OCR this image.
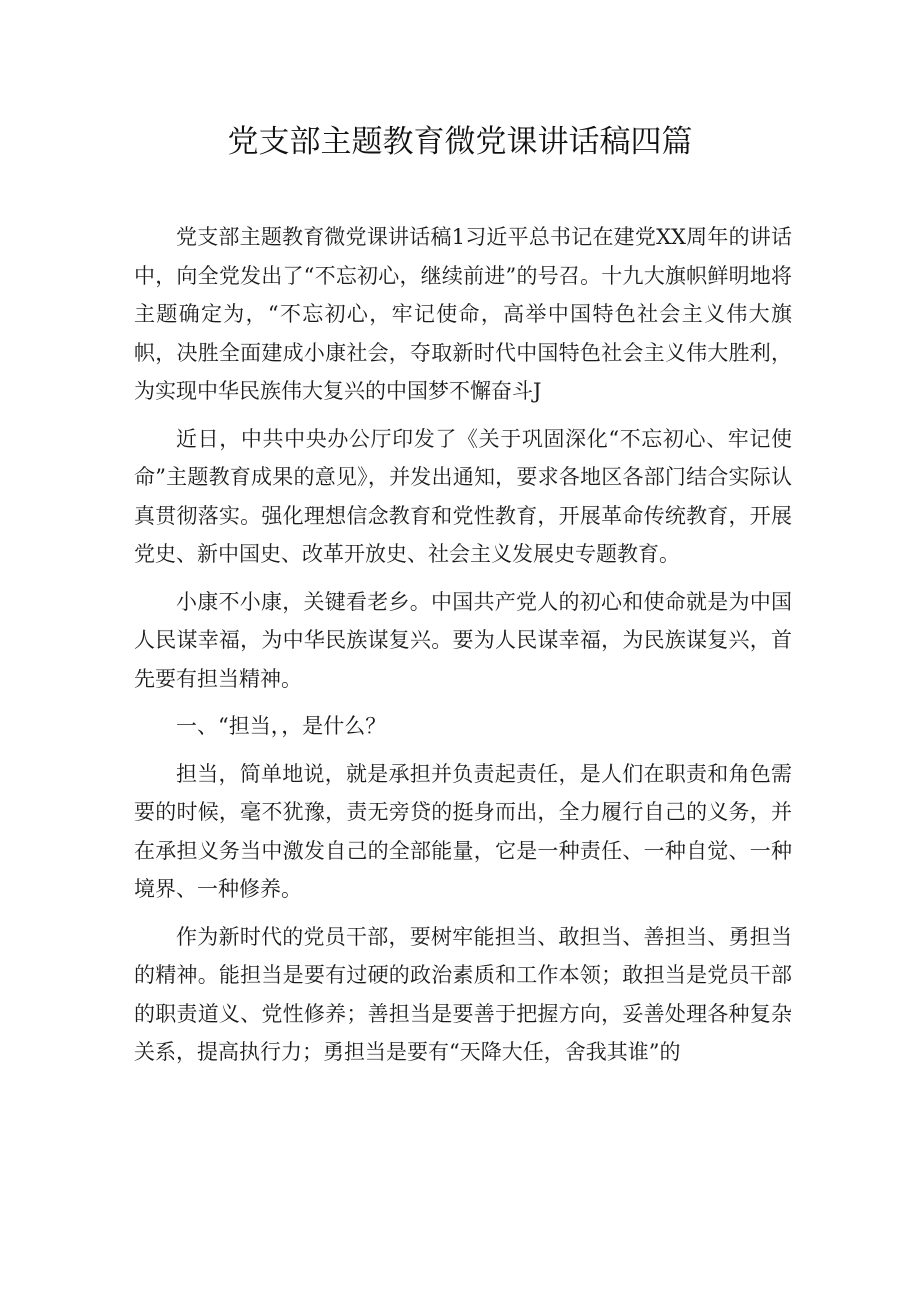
党支部主题教育微党课讲话稿四篇

党支部主题教育微党课讲话稿1习近平总书记在建党XX周年的讲话中，向全党发出了“不忘初心，继续前进”的号召。十九大旗帜鲜明地将主题确定为，“不忘初心，牢记使命，高举中国特色社会主义伟大旗帜，决胜全面建成小康社会，夺取新时代中国特色社会主义伟大胜利，为实现中华民族伟大复兴的中国梦不懈奋斗J

近日，中共中央办公厅印发了《关于巩固深化“不忘初心、牢记使命”主题教育成果的意见》，并发出通知，要求各地区各部门结合实际认真贯彻落实。强化理想信念教育和党性教育，开展革命传统教育，开展党史、新中国史、改革开放史、社会主义发展史专题教育。

小康不小康，关键看老乡。中国共产党人的初心和使命就是为中国人民谋幸福，为中华民族谋复兴。要为人民谋幸福，为民族谋复兴，首先要有担当精神。

一、“担当，，是什么？

担当，简单地说，就是承担并负责起责任，是人们在职责和角色需要的时候，毫不犹豫，责无旁贷的挺身而出，全力履行自己的义务，并在承担义务当中激发自己的全部能量，它是一种责任、一种自觉、一种境界、一种修养。

作为新时代的党员干部，要树牢能担当、敢担当、善担当、勇担当的精神。能担当是要有过硬的政治素质和工作本领；敢担当是党员干部的职责道义、党性修养；善担当是要善于把握方向，妥善处理各种复杂关系，提高执行力；勇担当是要有“天降大任，舍我其谁”的
